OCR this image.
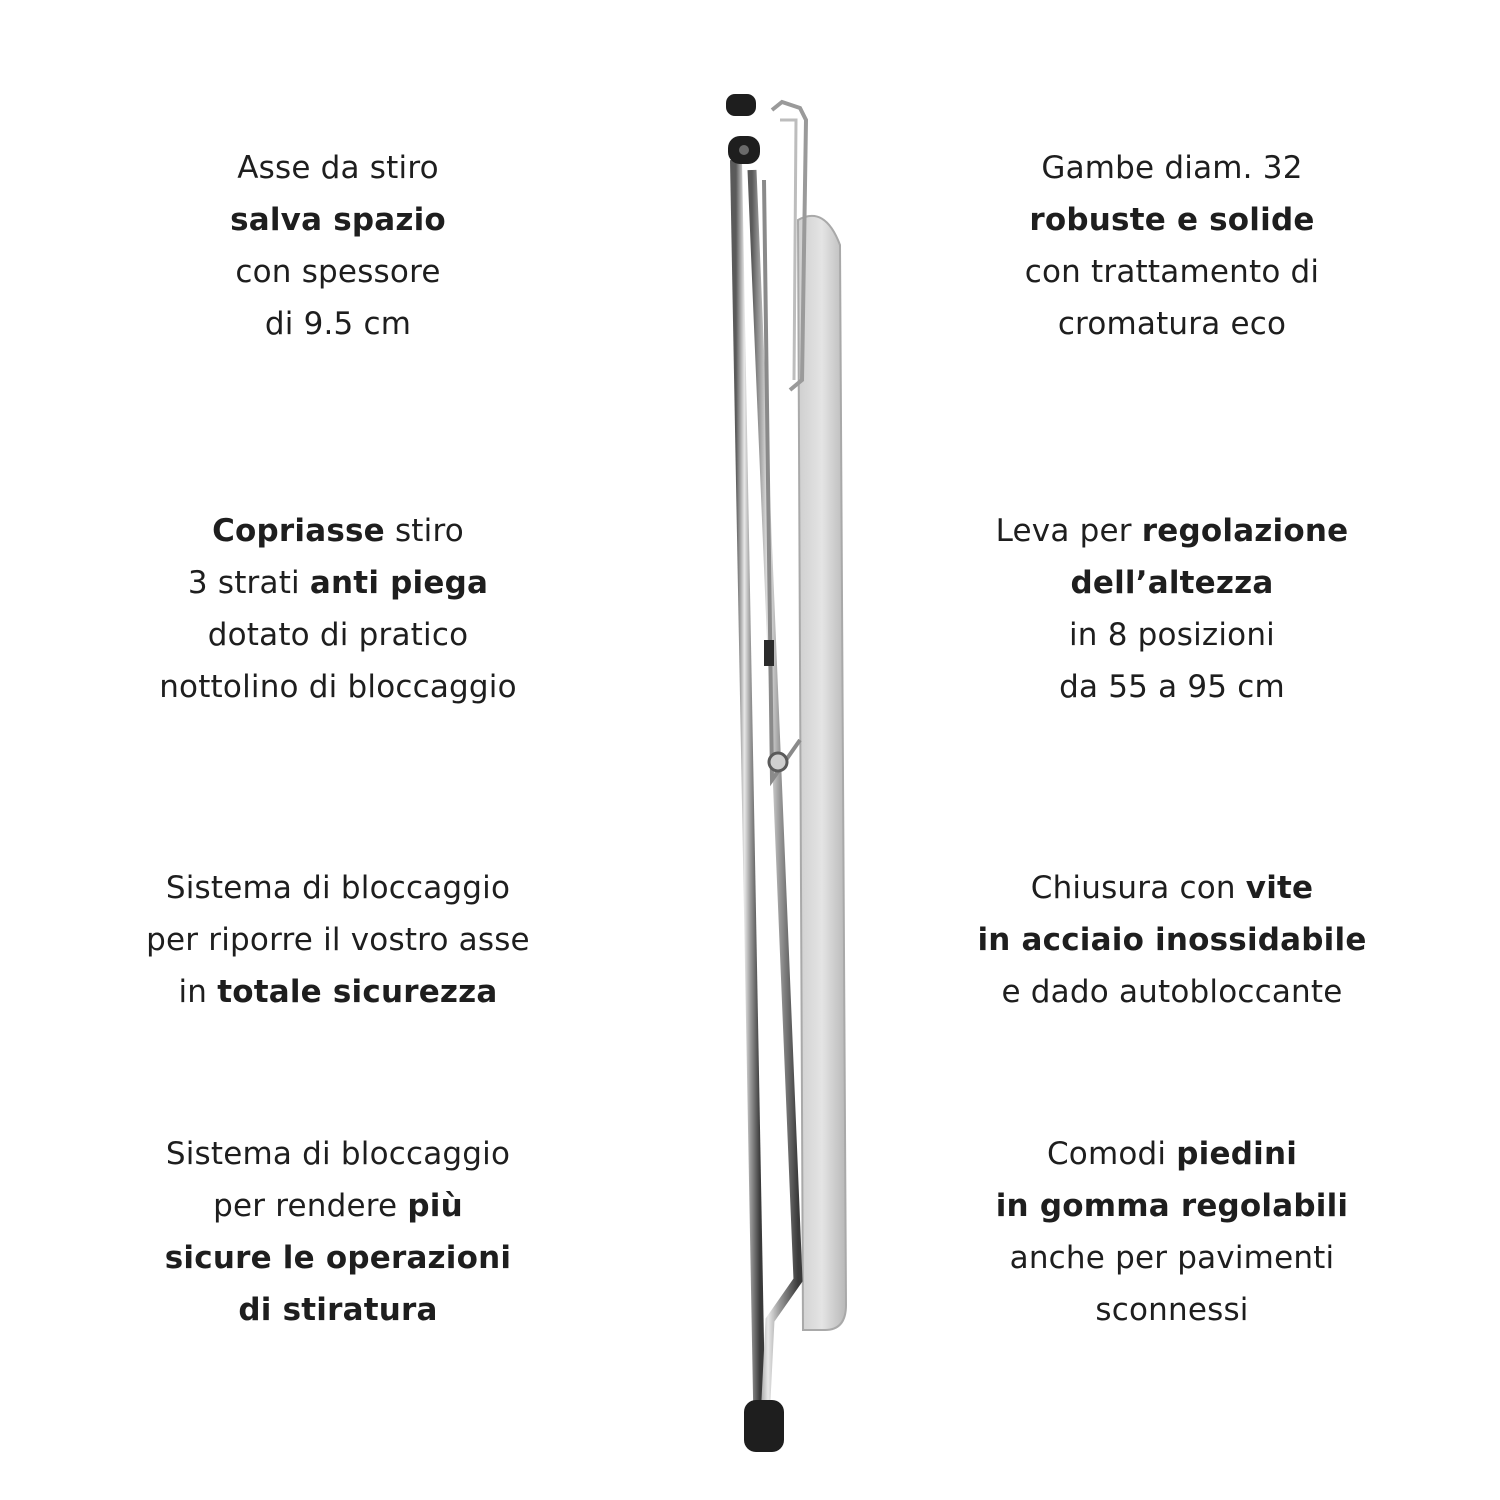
Asse da stiro
salva spazio
con spessore
di 9.5 cm
Copriasse stiro
3 strati anti piega
dotato di pratico
nottolino di bloccaggio
Sistema di bloccaggio
per riporre il vostro asse
in totale sicurezza
Sistema di bloccaggio
per rendere più
sicure le operazioni
di stiratura
Gambe diam. 32
robuste e solide
con trattamento di
cromatura eco
Leva per regolazione
dell’altezza
in 8 posizioni
da 55 a 95 cm
Chiusura con vite
in acciaio inossidabile
e dado autobloccante
Comodi piedini
in gomma regolabili
anche per pavimenti
sconnessi
